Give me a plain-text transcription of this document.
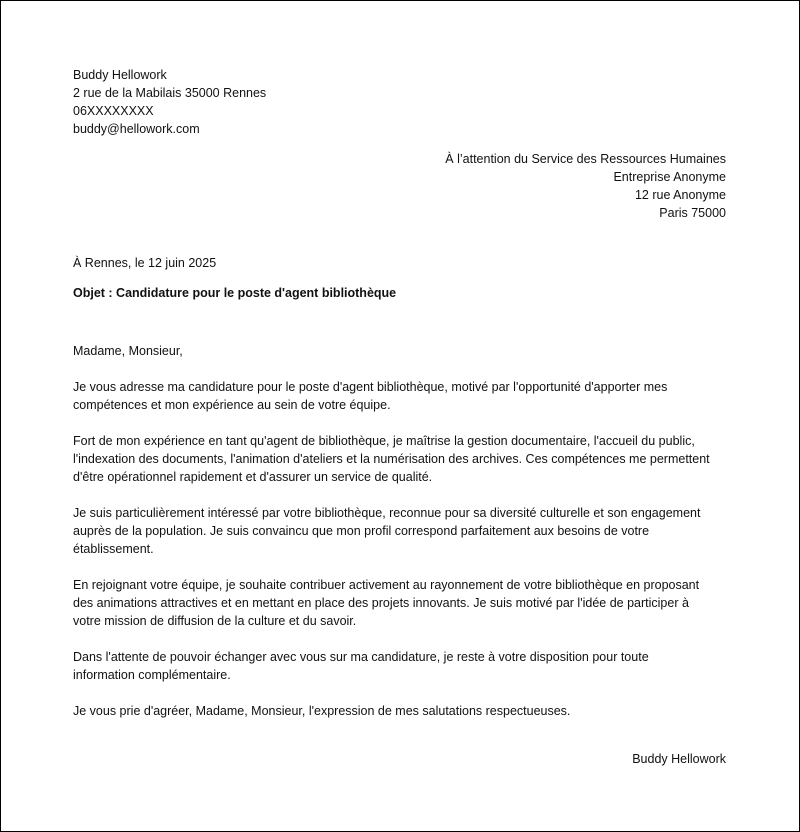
Buddy Hellowork
2 rue de la Mabilais 35000 Rennes
06XXXXXXXX
buddy@hellowork.com
À l’attention du Service des Ressources Humaines
Entreprise Anonyme
12 rue Anonyme
Paris 75000
À Rennes, le 12 juin 2025
Objet : Candidature pour le poste d'agent bibliothèque

Madame, Monsieur,

Je vous adresse ma candidature pour le poste d'agent bibliothèque, motivé par l'opportunité d'apporter mes
compétences et mon expérience au sein de votre équipe.

Fort de mon expérience en tant qu'agent de bibliothèque, je maîtrise la gestion documentaire, l'accueil du public,
l'indexation des documents, l'animation d'ateliers et la numérisation des archives. Ces compétences me permettent
d'être opérationnel rapidement et d'assurer un service de qualité.

Je suis particulièrement intéressé par votre bibliothèque, reconnue pour sa diversité culturelle et son engagement
auprès de la population. Je suis convaincu que mon profil correspond parfaitement aux besoins de votre
établissement.

En rejoignant votre équipe, je souhaite contribuer activement au rayonnement de votre bibliothèque en proposant
des animations attractives et en mettant en place des projets innovants. Je suis motivé par l'idée de participer à
votre mission de diffusion de la culture et du savoir.

Dans l'attente de pouvoir échanger avec vous sur ma candidature, je reste à votre disposition pour toute
information complémentaire.

Je vous prie d'agréer, Madame, Monsieur, l'expression de mes salutations respectueuses.

Buddy Hellowork
